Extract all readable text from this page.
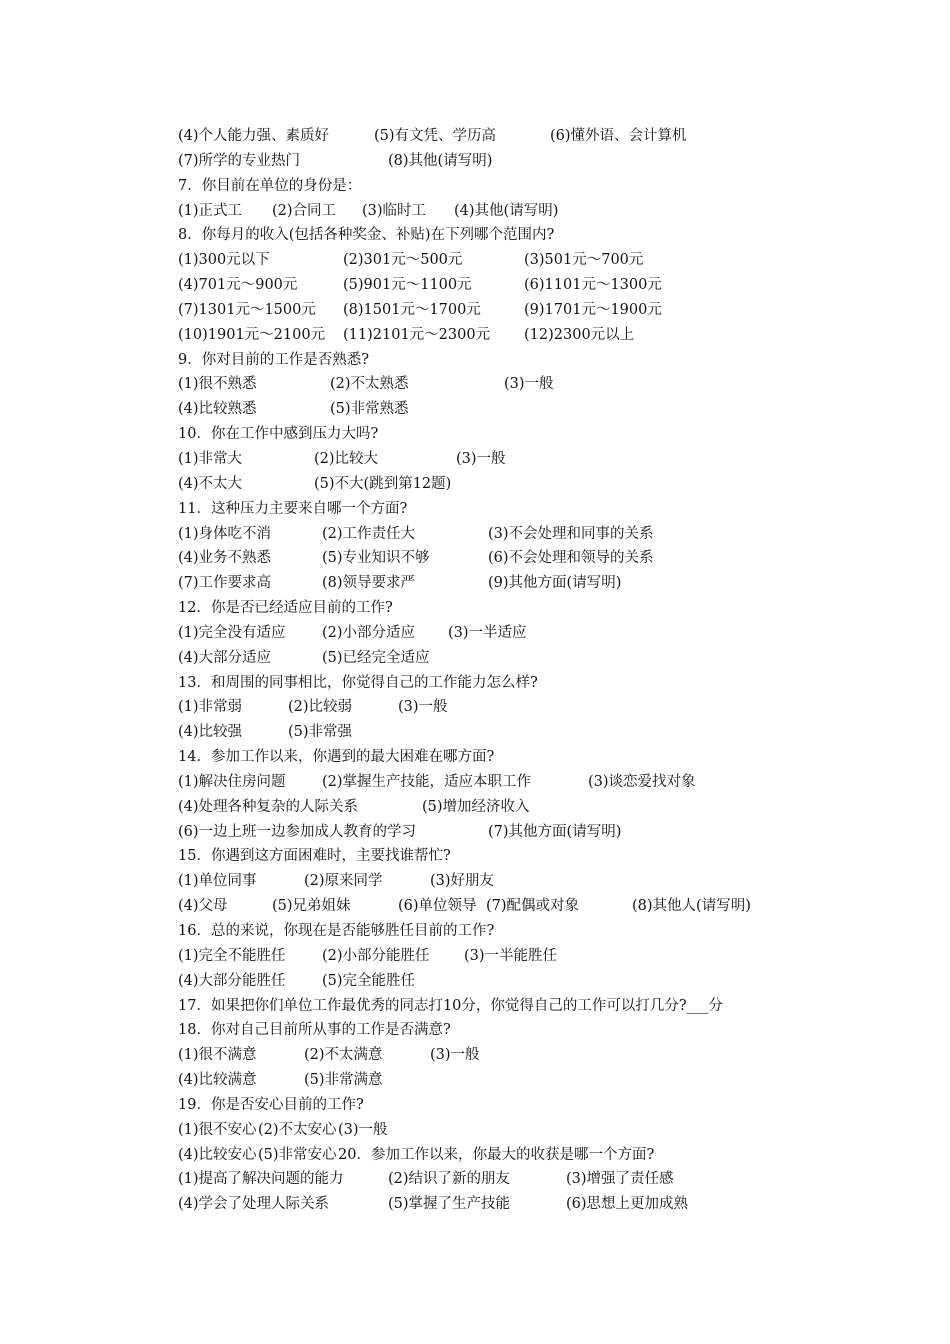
(4)个人能力强、素质好	(5)有文凭、学历高	(6)懂外语、会计算机
(7)所学的专业热门	(8)其他(请写明)
7．你目前在单位的身份是：
(1)正式工 (2)合同工 (3)临时工 (4)其他(请写明)
8．你每月的收入(包括各种奖金、补贴)在下列哪个范围内?
(1)300元以下	(2)301元～500元	(3)501元～700元
(4)701元～900元	(5)901元～1100元	(6)1101元～1300元
(7)1301元～1500元 (8)1501元～1700元	(9)1701元～1900元
(10)1901元～2100元 (11)2101元～2300元 (12)2300元以上
9．你对目前的工作是否熟悉?
(1)很不熟悉	(2)不太熟悉	(3)一般
(4)比较熟悉	(5)非常熟悉
10．你在工作中感到压力大吗?
(1)非常大	(2)比较大	(3)一般
(4)不太大	(5)不大(跳到第12题)
11．这种压力主要来自哪一个方面?
(1)身体吃不消	(2)工作责任大	(3)不会处理和同事的关系
(4)业务不熟悉	(5)专业知识不够	(6)不会处理和领导的关系
(7)工作要求高	(8)领导要求严	(9)其他方面(请写明)
12．你是否已经适应目前的工作?
(1)完全没有适应	(2)小部分适应 (3)一半适应
(4)大部分适应	(5)已经完全适应
13．和周围的同事相比，你觉得自己的工作能力怎么样?
(1)非常弱	(2)比较弱	(3)一般
(4)比较强	(5)非常强
14．参加工作以来，你遇到的最大困难在哪方面?
(1)解决住房问题	(2)掌握生产技能，适应本职工作	(3)谈恋爱找对象
(4)处理各种复杂的人际关系	(5)增加经济收入
(6)一边上班一边参加成人教育的学习	(7)其他方面(请写明)
15．你遇到这方面困难时，主要找谁帮忙?
(1)单位同事	(2)原来同学	(3)好朋友
(4)父母	(5)兄弟姐妹	(6)单位领导 (7)配偶或对象	(8)其他人(请写明)
16．总的来说，你现在是否能够胜任目前的工作?
(1)完全不能胜任	(2)小部分能胜任 (3)一半能胜任
(4)大部分能胜任	(5)完全能胜任
17．如果把你们单位工作最优秀的同志打10分，你觉得自己的工作可以打几分?___分
18．你对自己目前所从事的工作是否满意?
(1)很不满意	(2)不太满意	(3)一般
(4)比较满意	(5)非常满意
19．你是否安心目前的工作?
(1)很不安心 (2)不太安心 (3)一般
(4)比较安心 (5)非常安心 20．参加工作以来，你最大的收获是哪一个方面?
(1)提高了解决问题的能力	(2)结识了新的朋友	(3)增强了责任感
(4)学会了处理人际关系	(5)掌握了生产技能	(6)思想上更加成熟
